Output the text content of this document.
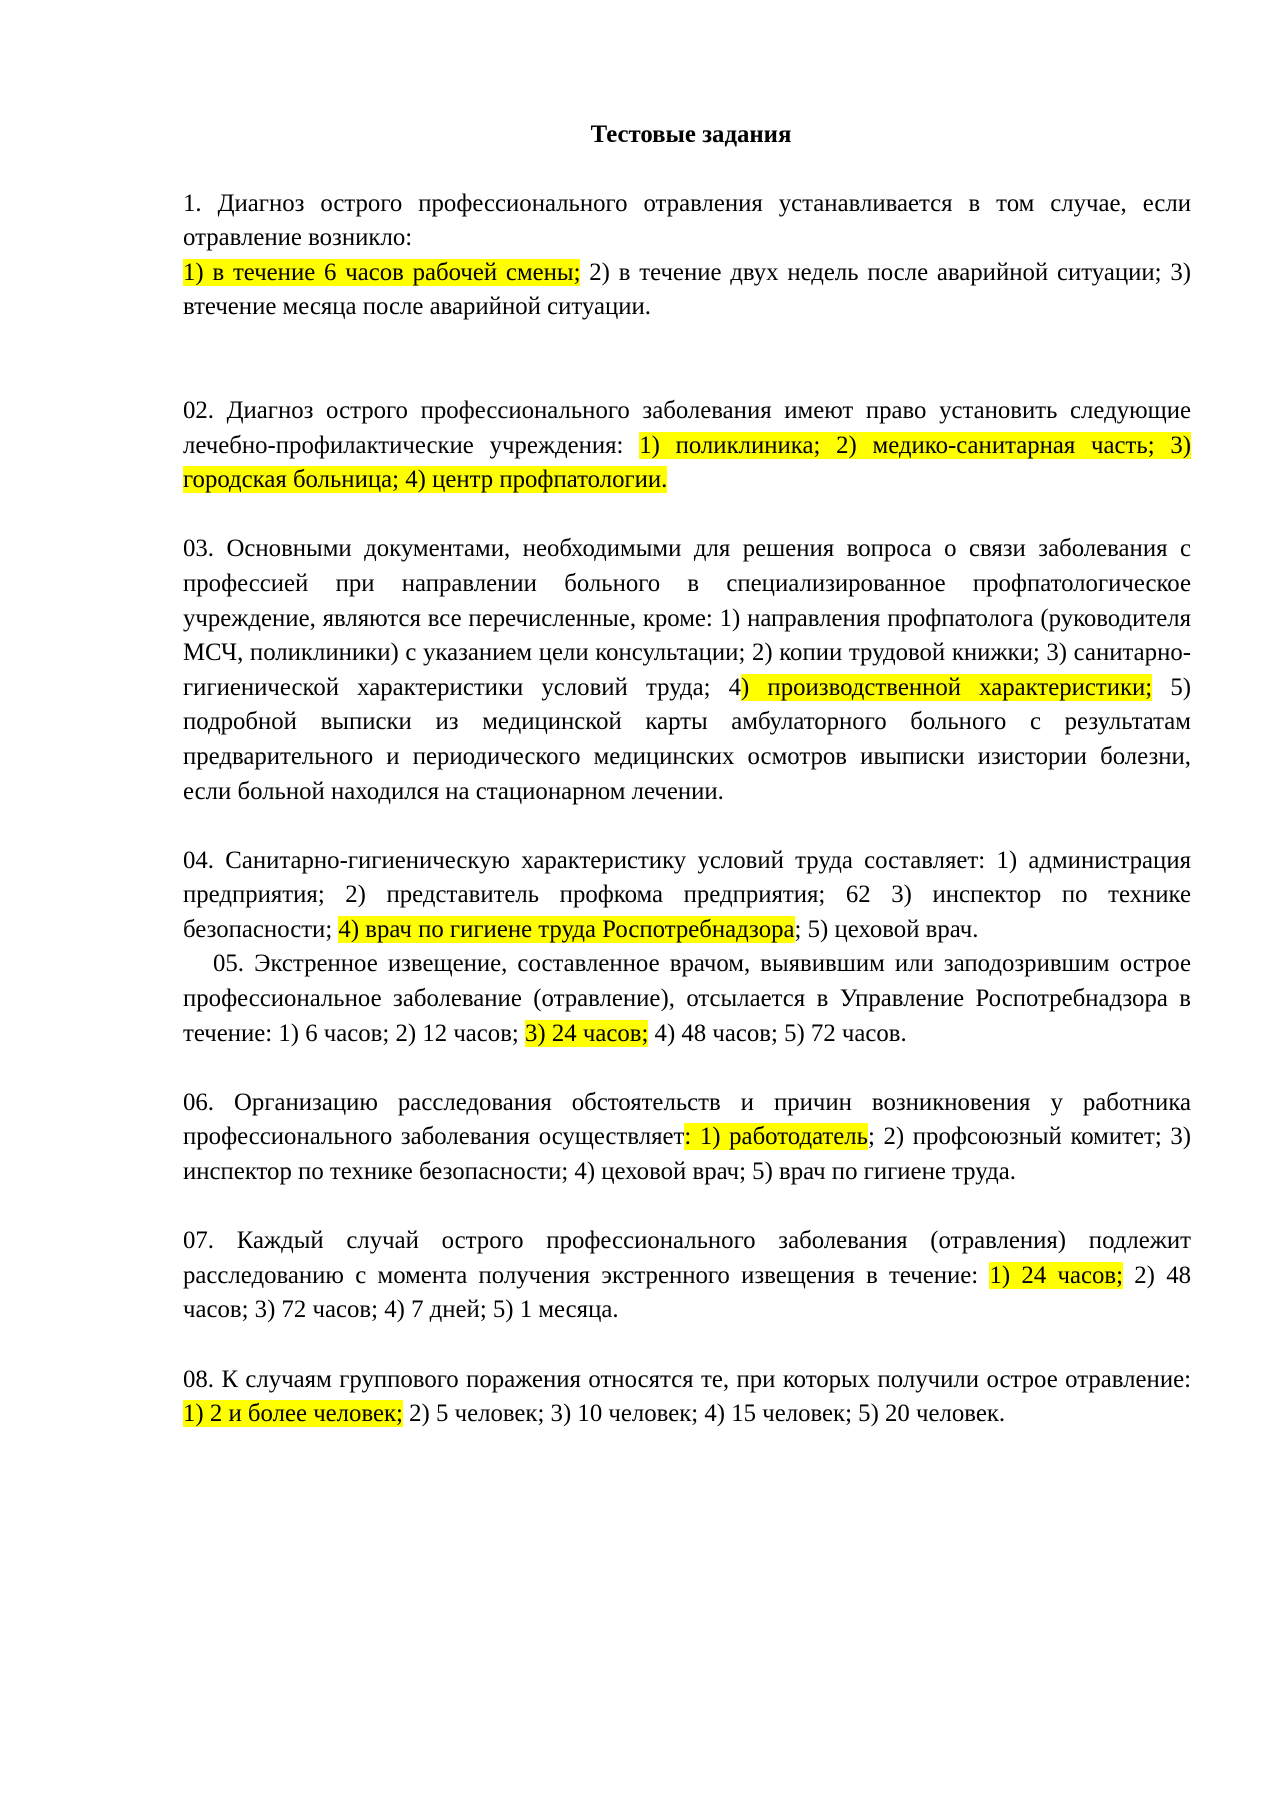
Тестовые задания

1. Диагноз острого профессионального отравления устанавливается в том случае, если отравление возникло:
1) в течение 6 часов рабочей смены; 2) в течение двух недель после аварийной ситуации; 3) втечение месяца после аварийной ситуации.

02. Диагноз острого профессионального заболевания имеют право установить следующие лечебно-профилактические учреждения: 1) поликлиника; 2) медико-санитарная часть; 3) городская больница; 4) центр профпатологии.

03. Основными документами, необходимыми для решения вопроса о связи заболевания с профессией при направлении больного в специализированное профпатологическое учреждение, являются все перечисленные, кроме: 1) направления профпатолога (руководителя МСЧ, поликлиники) с указанием цели консультации; 2) копии трудовой книжки; 3) санитарно-гигиенической характеристики условий труда; 4) производственной характеристики; 5) подробной выписки из медицинской карты амбулаторного больного с результатам предварительного и периодического медицинских осмотров ивыписки изистории болезни, если больной находился на стационарном лечении.

04. Санитарно-гигиеническую характеристику условий труда составляет: 1) администрация предприятия; 2) представитель профкома предприятия; 62 3) инспектор по технике безопасности; 4) врач по гигиене труда Роспотребнадзора; 5) цеховой врач.

05. Экстренное извещение, составленное врачом, выявившим или заподозрившим острое профессиональное заболевание (отравление), отсылается в Управление Роспотребнадзора в течение: 1) 6 часов; 2) 12 часов; 3) 24 часов; 4) 48 часов; 5) 72 часов.

06. Организацию расследования обстоятельств и причин возникновения у работника профессионального заболевания осуществляет: 1) работодатель; 2) профсоюзный комитет; 3) инспектор по технике безопасности; 4) цеховой врач; 5) врач по гигиене труда.

07. Каждый случай острого профессионального заболевания (отравления) подлежит расследованию с момента получения экстренного извещения в течение: 1) 24 часов; 2) 48 часов; 3) 72 часов; 4) 7 дней; 5) 1 месяца.

08. К случаям группового поражения относятся те, при которых получили острое отравление: 1) 2 и более человек; 2) 5 человек; 3) 10 человек; 4) 15 человек; 5) 20 человек.
